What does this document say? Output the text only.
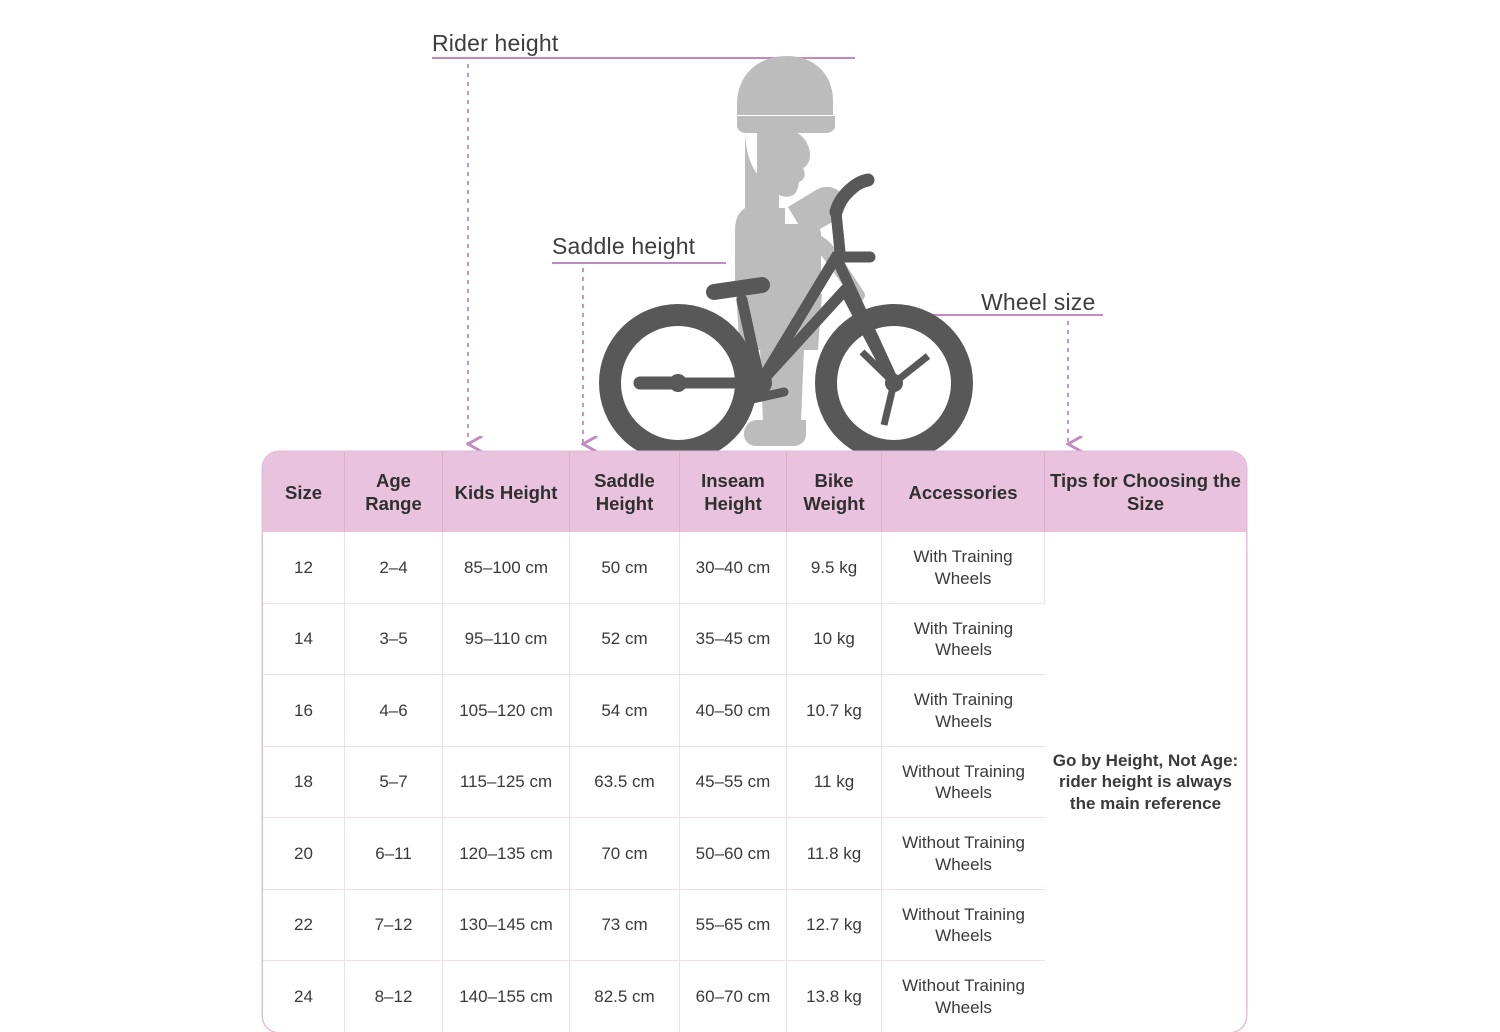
Rider height
Saddle height
Wheel size
Size	Age Range	Kids Height	Saddle Height	Inseam Height	Bike Weight	Accessories	Tips for Choosing the Size
12	2–4	85–100 cm	50 cm	30–40 cm	9.5 kg	With Training Wheels	Go by Height, Not Age: rider height is always the main reference
14	3–5	95–110 cm	52 cm	35–45 cm	10 kg	With Training Wheels	
16	4–6	105–120 cm	54 cm	40–50 cm	10.7 kg	With Training Wheels	
18	5–7	115–125 cm	63.5 cm	45–55 cm	11 kg	Without Training Wheels	
20	6–11	120–135 cm	70 cm	50–60 cm	11.8 kg	Without Training Wheels	
22	7–12	130–145 cm	73 cm	55–65 cm	12.7 kg	Without Training Wheels	
24	8–12	140–155 cm	82.5 cm	60–70 cm	13.8 kg	Without Training Wheels	
